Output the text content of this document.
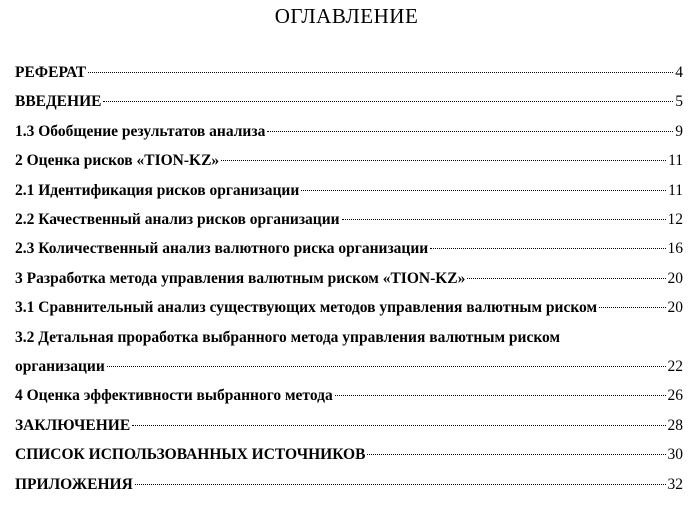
ОГЛАВЛЕНИЕ
РЕФЕРАТ	4
ВВЕДЕНИЕ	5
1.3 Обобщение результатов анализа	9
2 Оценка рисков «TION-KZ»	11
2.1 Идентификация рисков организации	11
2.2 Качественный анализ рисков организации	12
2.3 Количественный анализ валютного риска организации	16
3 Разработка метода управления валютным риском «TION-KZ»	20
3.1 Сравнительный анализ существующих методов управления валютным риском	20
3.2 Детальная проработка выбранного метода управления валютным риском
организации	22
4 Оценка эффективности выбранного метода	26
ЗАКЛЮЧЕНИЕ	28
СПИСОК ИСПОЛЬЗОВАННЫХ ИСТОЧНИКОВ	30
ПРИЛОЖЕНИЯ	32
